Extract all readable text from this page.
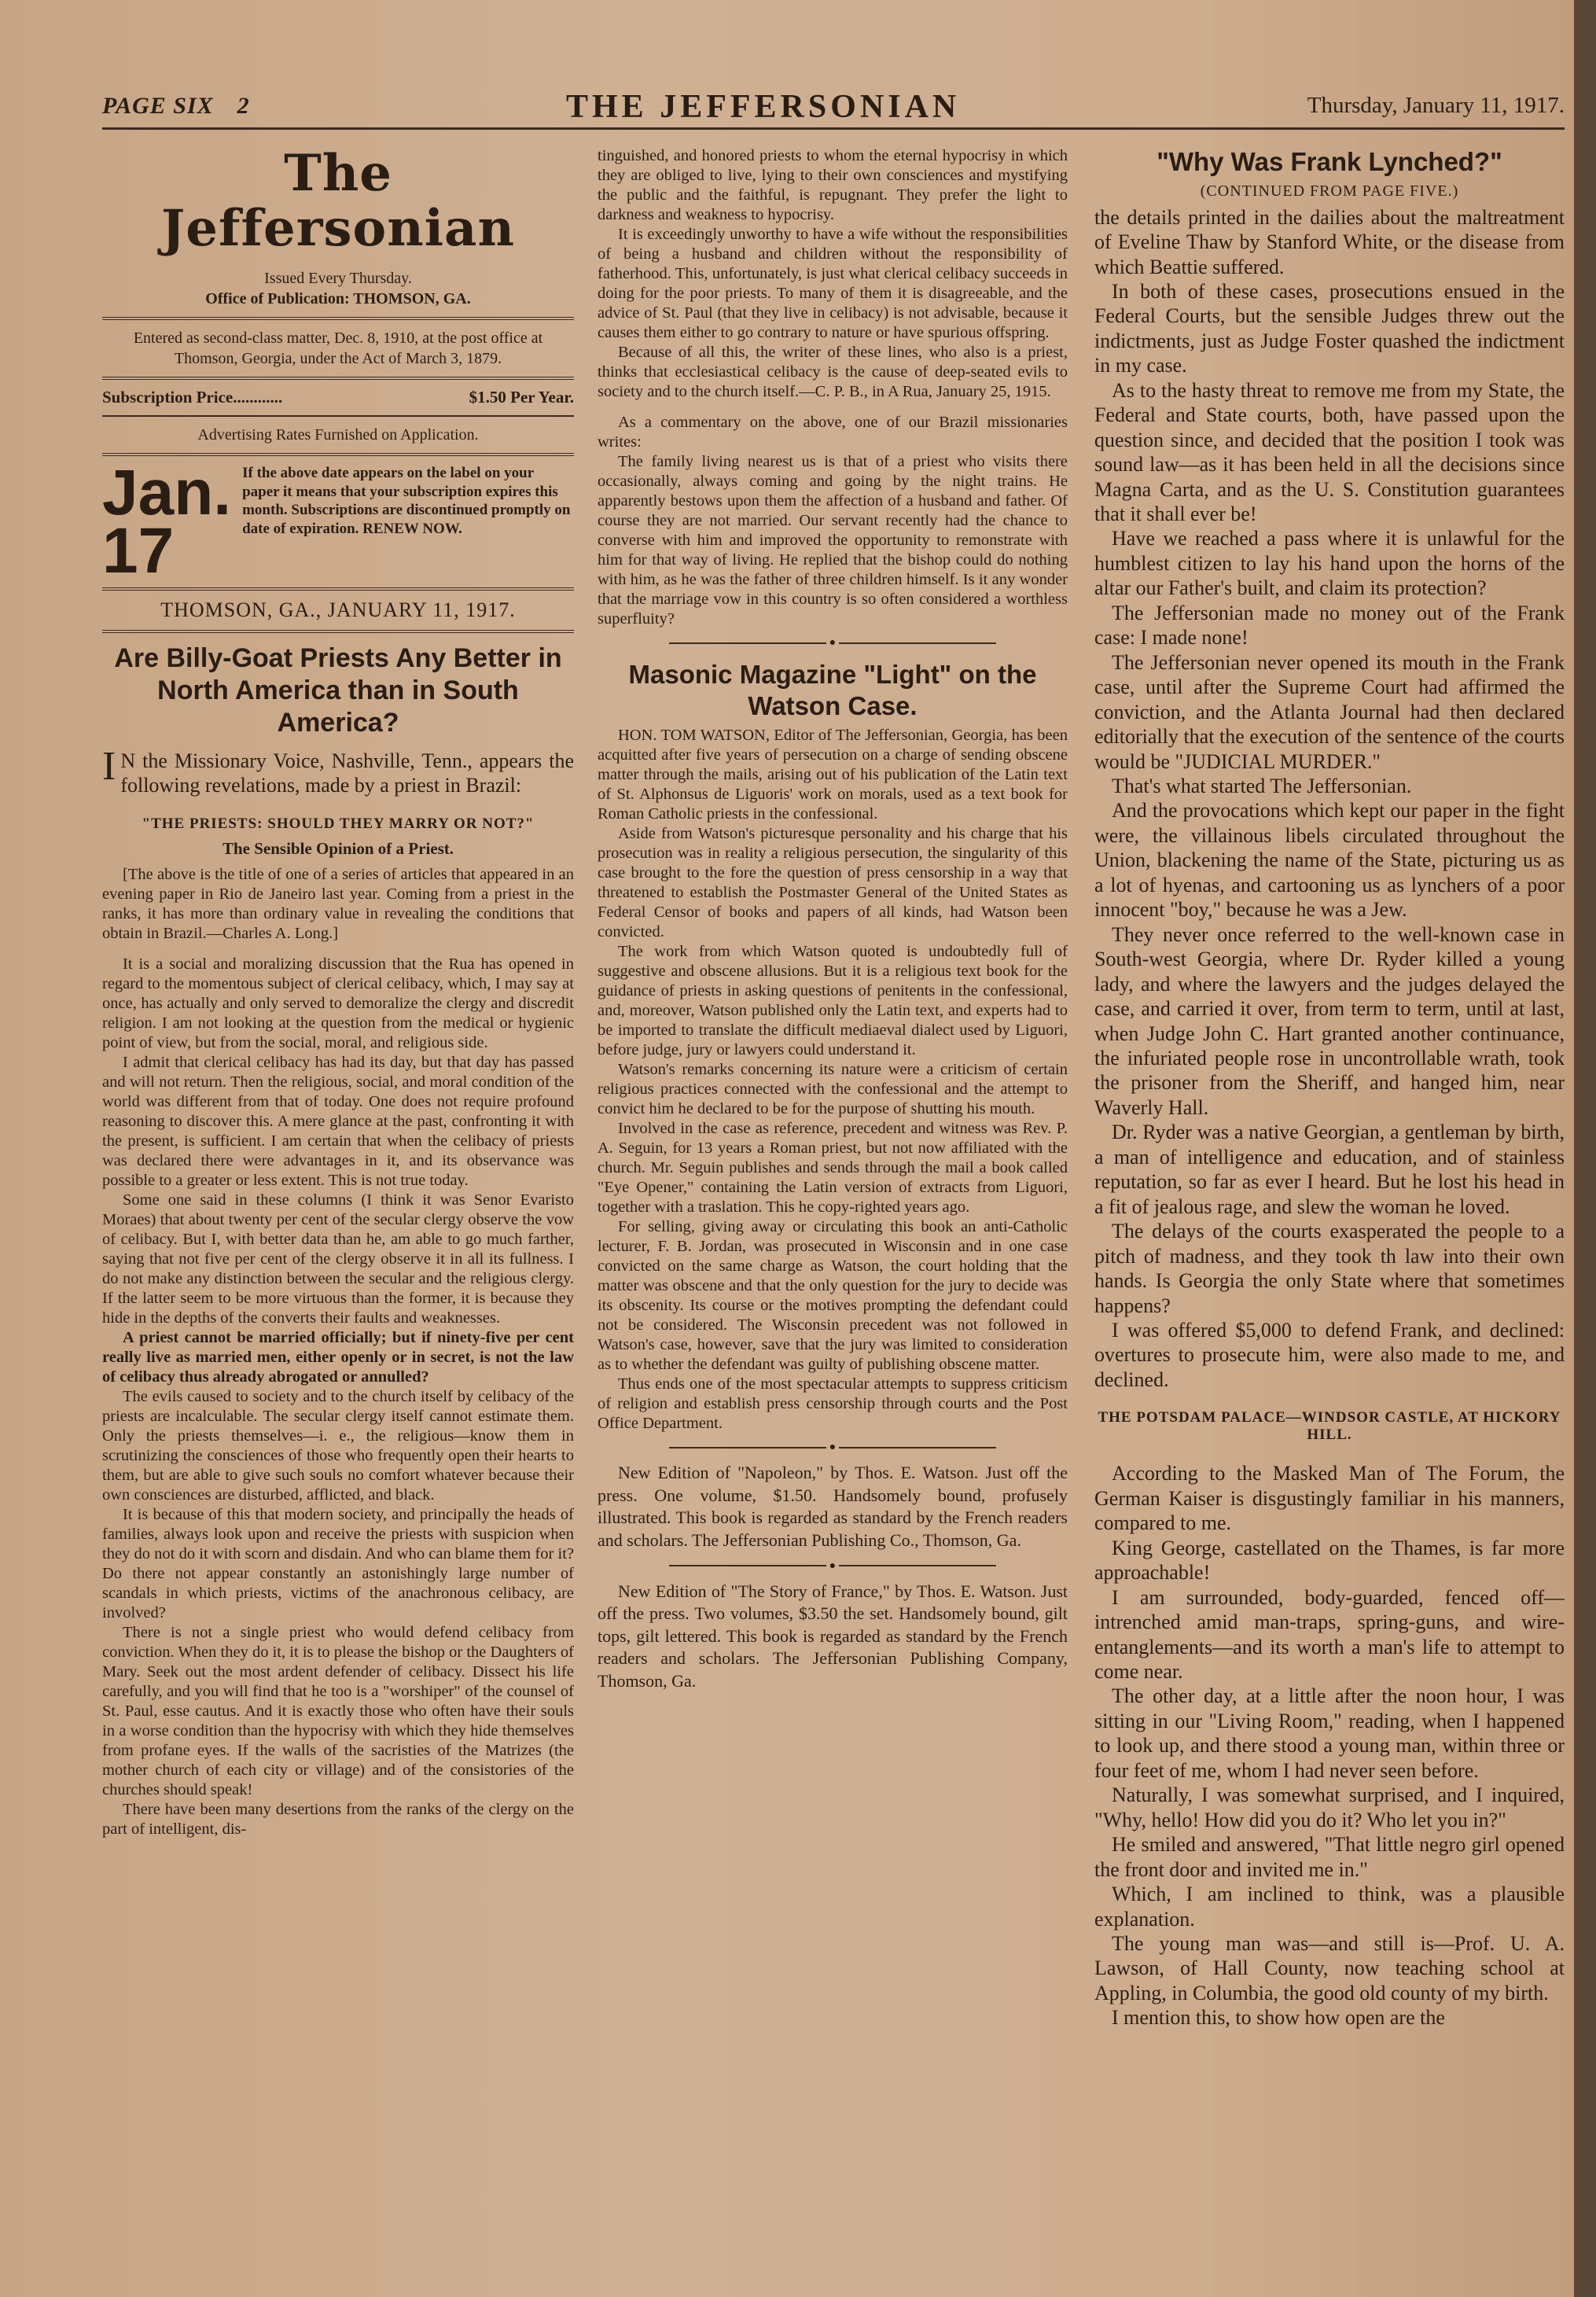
PAGE SIX 2	THE JEFFERSONIAN	Thursday, January 11, 1917.
The Jeffersonian
Issued Every Thursday.
Office of Publication: THOMSON, GA.
Entered as second-class matter, Dec. 8, 1910, at the post office at Thomson, Georgia, under the Act of March 3, 1879.
Subscription Price............	$1.50 Per Year.
Advertising Rates Furnished on Application.
Jan. 17
If the above date appears on the label on your paper it means that your subscription expires this month. Subscriptions are discontinued promptly on date of expiration. RENEW NOW.
THOMSON, GA., JANUARY 11, 1917.
Are Billy-Goat Priests Any Better in North America than in South America?

I N the Missionary Voice, Nashville, Tenn., appears the following revelations, made by a priest in Brazil:

"THE PRIESTS: SHOULD THEY MARRY OR NOT?"
The Sensible Opinion of a Priest.

[The above is the title of one of a series of articles that appeared in an evening paper in Rio de Janeiro last year. Coming from a priest in the ranks, it has more than ordinary value in revealing the conditions that obtain in Brazil.—Charles A. Long.]

It is a social and moralizing discussion that the Rua has opened in regard to the momentous subject of clerical celibacy, which, I may say at once, has actually and only served to demoralize the clergy and discredit religion. I am not looking at the question from the medical or hygienic point of view, but from the social, moral, and religious side.

I admit that clerical celibacy has had its day, but that day has passed and will not return. Then the religious, social, and moral condition of the world was different from that of today. One does not require profound reasoning to discover this. A mere glance at the past, confronting it with the present, is sufficient. I am certain that when the celibacy of priests was declared there were advantages in it, and its observance was possible to a greater or less extent. This is not true today.

Some one said in these columns (I think it was Senor Evaristo Moraes) that about twenty per cent of the secular clergy observe the vow of celibacy. But I, with better data than he, am able to go much farther, saying that not five per cent of the clergy observe it in all its fullness. I do not make any distinction between the secular and the religious clergy. If the latter seem to be more virtuous than the former, it is because they hide in the depths of the converts their faults and weaknesses.

A priest cannot be married officially; but if ninety-five per cent really live as married men, either openly or in secret, is not the law of celibacy thus already abrogated or annulled?

The evils caused to society and to the church itself by celibacy of the priests are incalculable. The secular clergy itself cannot estimate them. Only the priests themselves—i. e., the religious—know them in scrutinizing the consciences of those who frequently open their hearts to them, but are able to give such souls no comfort whatever because their own consciences are disturbed, afflicted, and black.

It is because of this that modern society, and principally the heads of families, always look upon and receive the priests with suspicion when they do not do it with scorn and disdain. And who can blame them for it? Do there not appear constantly an astonishingly large number of scandals in which priests, victims of the anachronous celibacy, are involved?

There is not a single priest who would defend celibacy from conviction. When they do it, it is to please the bishop or the Daughters of Mary. Seek out the most ardent defender of celibacy. Dissect his life carefully, and you will find that he too is a "worshiper" of the counsel of St. Paul, esse cautus. And it is exactly those who often have their souls in a worse condition than the hypocrisy with which they hide themselves from profane eyes. If the walls of the sacristies of the Matrizes (the mother church of each city or village) and of the consistories of the churches should speak!

There have been many desertions from the ranks of the clergy on the part of intelligent, dis-

tinguished, and honored priests to whom the eternal hypocrisy in which they are obliged to live, lying to their own consciences and mystifying the public and the faithful, is repugnant. They prefer the light to darkness and weakness to hypocrisy.

It is exceedingly unworthy to have a wife without the responsibilities of being a husband and children without the responsibility of fatherhood. This, unfortunately, is just what clerical celibacy succeeds in doing for the poor priests. To many of them it is disagreeable, and the advice of St. Paul (that they live in celibacy) is not advisable, because it causes them either to go contrary to nature or have spurious offspring.

Because of all this, the writer of these lines, who also is a priest, thinks that ecclesiastical celibacy is the cause of deep-seated evils to society and to the church itself.—C. P. B., in A Rua, January 25, 1915.

As a commentary on the above, one of our Brazil missionaries writes:

The family living nearest us is that of a priest who visits there occasionally, always coming and going by the night trains. He apparently bestows upon them the affection of a husband and father. Of course they are not married. Our servant recently had the chance to converse with him and improved the opportunity to remonstrate with him for that way of living. He replied that the bishop could do nothing with him, as he was the father of three children himself. Is it any wonder that the marriage vow in this country is so often considered a worthless superfluity?

●
Masonic Magazine "Light" on the Watson Case.

HON. TOM WATSON, Editor of The Jeffersonian, Georgia, has been acquitted after five years of persecution on a charge of sending obscene matter through the mails, arising out of his publication of the Latin text of St. Alphonsus de Liguoris' work on morals, used as a text book for Roman Catholic priests in the confessional.

Aside from Watson's picturesque personality and his charge that his prosecution was in reality a religious persecution, the singularity of this case brought to the fore the question of press censorship in a way that threatened to establish the Postmaster General of the United States as Federal Censor of books and papers of all kinds, had Watson been convicted.

The work from which Watson quoted is undoubtedly full of suggestive and obscene allusions. But it is a religious text book for the guidance of priests in asking questions of penitents in the confessional, and, moreover, Watson published only the Latin text, and experts had to be imported to translate the difficult mediaeval dialect used by Liguori, before judge, jury or lawyers could understand it.

Watson's remarks concerning its nature were a criticism of certain religious practices connected with the confessional and the attempt to convict him he declared to be for the purpose of shutting his mouth.

Involved in the case as reference, precedent and witness was Rev. P. A. Seguin, for 13 years a Roman priest, but not now affiliated with the church. Mr. Seguin publishes and sends through the mail a book called "Eye Opener," containing the Latin version of extracts from Liguori, together with a traslation. This he copy-righted years ago.

For selling, giving away or circulating this book an anti-Catholic lecturer, F. B. Jordan, was prosecuted in Wisconsin and in one case convicted on the same charge as Watson, the court holding that the matter was obscene and that the only question for the jury to decide was its obscenity. Its course or the motives prompting the defendant could not be considered. The Wisconsin precedent was not followed in Watson's case, however, save that the jury was limited to consideration as to whether the defendant was guilty of publishing obscene matter.

Thus ends one of the most spectacular attempts to suppress criticism of religion and establish press censorship through courts and the Post Office Department.

●

New Edition of "Napoleon," by Thos. E. Watson. Just off the press. One volume, $1.50. Handsomely bound, profusely illustrated. This book is regarded as standard by the French readers and scholars. The Jeffersonian Publishing Co., Thomson, Ga.

●

New Edition of "The Story of France," by Thos. E. Watson. Just off the press. Two volumes, $3.50 the set. Handsomely bound, gilt tops, gilt lettered. This book is regarded as standard by the French readers and scholars. The Jeffersonian Publishing Company, Thomson, Ga.

"Why Was Frank Lynched?"
(CONTINUED FROM PAGE FIVE.)

the details printed in the dailies about the maltreatment of Eveline Thaw by Stanford White, or the disease from which Beattie suffered.

In both of these cases, prosecutions ensued in the Federal Courts, but the sensible Judges threw out the indictments, just as Judge Foster quashed the indictment in my case.

As to the hasty threat to remove me from my State, the Federal and State courts, both, have passed upon the question since, and decided that the position I took was sound law—as it has been held in all the decisions since Magna Carta, and as the U. S. Constitution guarantees that it shall ever be!

Have we reached a pass where it is unlawful for the humblest citizen to lay his hand upon the horns of the altar our Father's built, and claim its protection?

The Jeffersonian made no money out of the Frank case: I made none!

The Jeffersonian never opened its mouth in the Frank case, until after the Supreme Court had affirmed the conviction, and the Atlanta Journal had then declared editorially that the execution of the sentence of the courts would be "JUDICIAL MURDER."

That's what started The Jeffersonian.

And the provocations which kept our paper in the fight were, the villainous libels circulated throughout the Union, blackening the name of the State, picturing us as a lot of hyenas, and cartooning us as lynchers of a poor innocent "boy," because he was a Jew.

They never once referred to the well-known case in South-west Georgia, where Dr. Ryder killed a young lady, and where the lawyers and the judges delayed the case, and carried it over, from term to term, until at last, when Judge John C. Hart granted another continuance, the infuriated people rose in uncontrollable wrath, took the prisoner from the Sheriff, and hanged him, near Waverly Hall.

Dr. Ryder was a native Georgian, a gentleman by birth, a man of intelligence and education, and of stainless reputation, so far as ever I heard. But he lost his head in a fit of jealous rage, and slew the woman he loved.

The delays of the courts exasperated the people to a pitch of madness, and they took th law into their own hands. Is Georgia the only State where that sometimes happens?

I was offered $5,000 to defend Frank, and declined: overtures to prosecute him, were also made to me, and declined.

THE POTSDAM PALACE—WINDSOR CASTLE, AT HICKORY HILL.

According to the Masked Man of The Forum, the German Kaiser is disgustingly familiar in his manners, compared to me.

King George, castellated on the Thames, is far more approachable!

I am surrounded, body-guarded, fenced off—intrenched amid man-traps, spring-guns, and wire-entanglements—and its worth a man's life to attempt to come near.

The other day, at a little after the noon hour, I was sitting in our "Living Room," reading, when I happened to look up, and there stood a young man, within three or four feet of me, whom I had never seen before.

Naturally, I was somewhat surprised, and I inquired, "Why, hello! How did you do it? Who let you in?"

He smiled and answered, "That little negro girl opened the front door and invited me in."

Which, I am inclined to think, was a plausible explanation.

The young man was—and still is—Prof. U. A. Lawson, of Hall County, now teaching school at Appling, in Columbia, the good old county of my birth.

I mention this, to show how open are the
